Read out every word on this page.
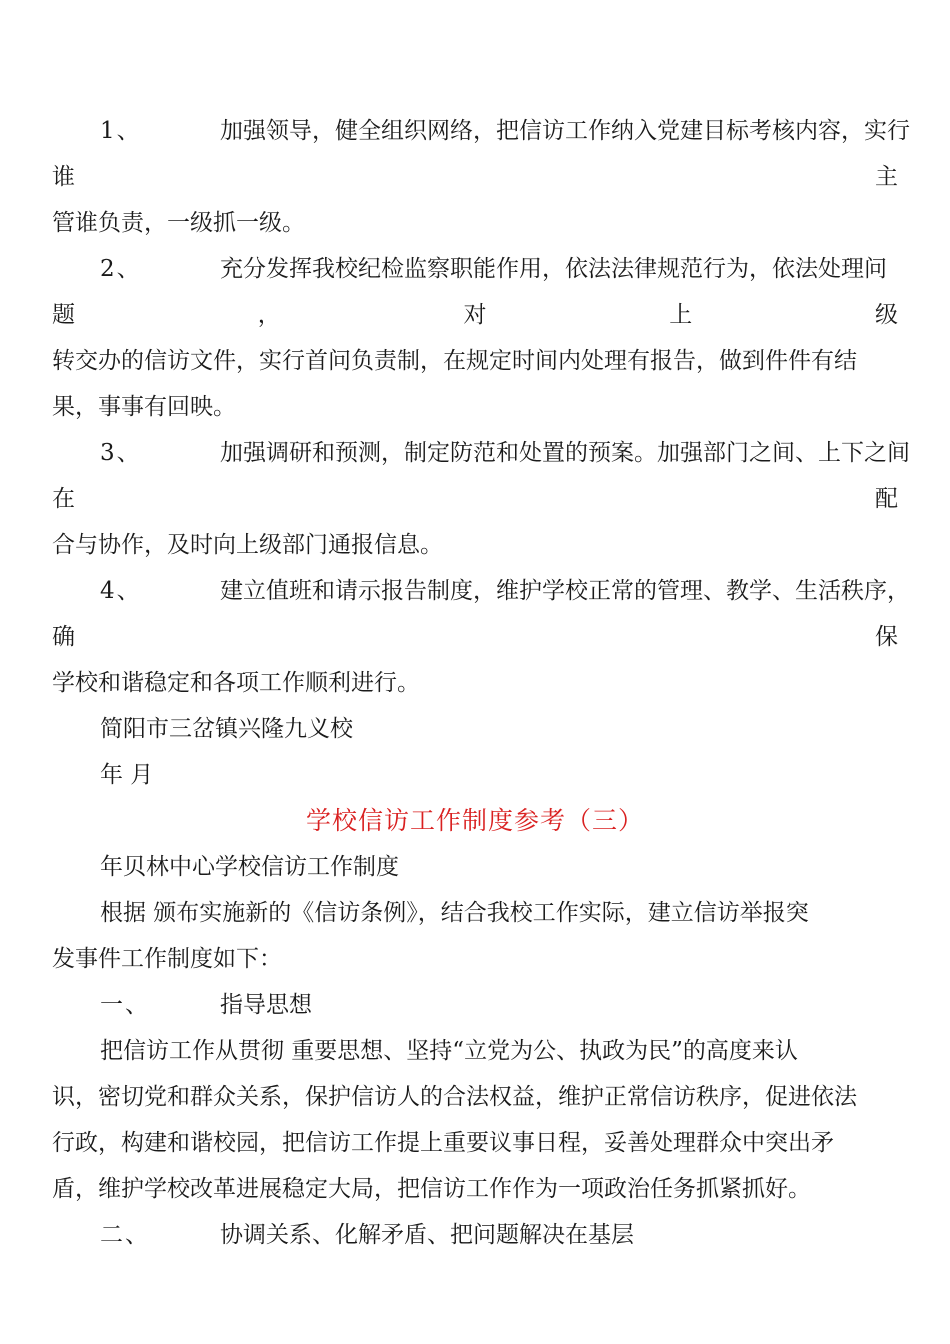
1、	加强领导，健全组织网络，把信访工作纳入党建目标考核内容，实行
谁	主
管谁负责，一级抓一级。
2、	充分发挥我校纪检监察职能作用，依法法律规范行为，依法处理问
题	，	对	上	级
转交办的信访文件，实行首问负责制，在规定时间内处理有报告，做到件件有结
果，事事有回映。
3、	加强调研和预测，制定防范和处置的预案。加强部门之间、上下之间
在	配
合与协作，及时向上级部门通报信息。
4、	建立值班和请示报告制度，维护学校正常的管理、教学、生活秩序，
确	保
学校和谐稳定和各项工作顺利进行。
简阳市三岔镇兴隆九义校
年 月
学校信访工作制度参考（三）
年贝林中心学校信访工作制度
根据 颁布实施新的《信访条例》，结合我校工作实际，建立信访举报突
发事件工作制度如下：
一、	指导思想
把信访工作从贯彻 重要思想、坚持“立党为公、执政为民”的高度来认
识，密切党和群众关系，保护信访人的合法权益，维护正常信访秩序，促进依法
行政，构建和谐校园，把信访工作提上重要议事日程，妥善处理群众中突出矛
盾，维护学校改革进展稳定大局，把信访工作作为一项政治任务抓紧抓好。
二、	协调关系、化解矛盾、把问题解决在基层
